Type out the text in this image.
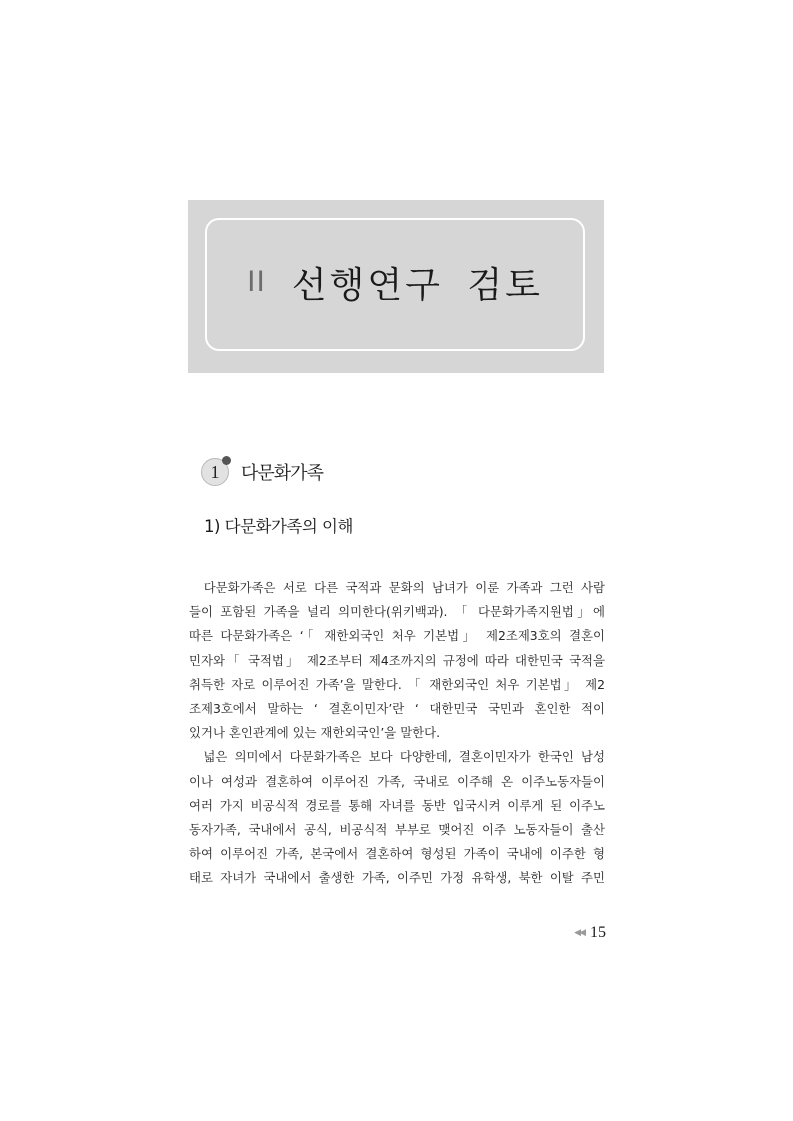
II 선행연구 검토
1 다문화가족
1) 다문화가족의 이해
다문화가족은 서로 다른 국적과 문화의 남녀가 이룬 가족과 그런 사람
들이 포함된 가족을 널리 의미한다(위키백과). 「 다문화가족지원법」에
따른 다문화가족은 ‘「 재한외국인 처우 기본법」 제2조제3호의 결혼이
민자와「 국적법」 제2조부터 제4조까지의 규정에 따라 대한민국 국적을
취득한 자로 이루어진 가족’을 말한다. 「 재한외국인 처우 기본법」 제2
조제3호에서 말하는 ‘ 결혼이민자’란 ‘ 대한민국 국민과 혼인한 적이
있거나 혼인관계에 있는 재한외국인’을 말한다.
넓은 의미에서 다문화가족은 보다 다양한데, 결혼이민자가 한국인 남성
이나 여성과 결혼하여 이루어진 가족, 국내로 이주해 온 이주노동자들이
여러 가지 비공식적 경로를 통해 자녀를 동반 입국시켜 이루게 된 이주노
동자가족, 국내에서 공식, 비공식적 부부로 맺어진 이주 노동자들이 출산
하여 이루어진 가족, 본국에서 결혼하여 형성된 가족이 국내에 이주한 형
태로 자녀가 국내에서 출생한 가족, 이주민 가정 유학생, 북한 이탈 주민
◀◀ 15
